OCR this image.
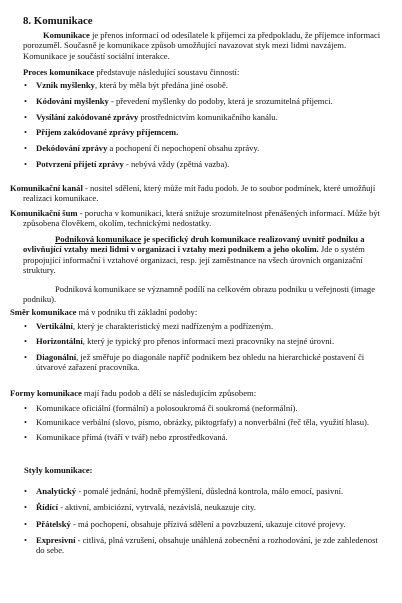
8. Komunikace

Komunikace je přenos informací od odesílatele k příjemci za předpokladu, že příjemce informaci porozuměl. Současně je komunikace způsob umožňující navazovat styk mezi lidmi navzájem. Komunikace je součástí sociální interakce.

Proces komunikace představuje následující soustavu činností:

• Vznik myšlenky, která by měla být předána jiné osobě.
• Kódování myšlenky - převedení myšlenky do podoby, která je srozumitelná příjemci.
• Vysílání zakódované zprávy prostřednictvím komunikačního kanálu.
• Příjem zakódované zprávy příjemcem.
• Dekódování zprávy a pochopení či nepochopení obsahu zprávy.
• Potvrzení přijetí zprávy - nebývá vždy (zpětná vazba).

Komunikační kanál - nositel sdělení, který může mít řadu podob. Je to soubor podmínek, které umožňují realizaci komunikace.

Komunikační šum - porucha v komunikaci, která snižuje srozumitelnost přenášených informací. Může být způsobena člověkem, okolím, technickými nedostatky.

Podniková komunikace je specifický druh komunikace realizovaný uvnitř podniku a ovlivňující vztahy mezi lidmi v organizaci i vztahy mezi podnikem a jeho okolím. Jde o systém propojující informační i vztahové organizaci, resp. její zaměstnance na všech úrovních organizační struktury.

Podniková komunikace se významně podílí na celkovém obrazu podniku u veřejnosti (image podniku).

Směr komunikace má v podniku tři základní podoby:

• Vertikální, který je charakteristický mezi nadřízeným a podřízeným.
• Horizontální, který je typický pro přenos informací mezi pracovníky na stejné úrovni.
• Diagonální, jež směřuje po diagonále napříč podnikem bez ohledu na hierarchické postavení či útvarové zařazení pracovníka.

Formy komunikace mají řadu podob a dělí se následujícím způsobem:

• Komunikace oficiální (formální) a polosoukromá či soukromá (neformální).
• Komunikace verbální (slovo, písmo, obrázky, piktogrfafy) a nonverbální (řeč těla, využití hlasu).
• Komunikace přímá (tváří v tvář) nebo zprostředkovaná.

Styly komunikace:

• Analytický - pomalé jednání, hodně přemýšlení, důsledná kontrola, málo emocí, pasivní.
• Řídící - aktivní, ambiciózní, vytrvalá, nezávislá, neukazuje city.
• Přátelský - má pochopení, obsahuje přízivá sdělení a povzbuzení, ukazuje citové projevy.
• Expresivní - citlivá, plná vzrušení, obsahuje unáhlená zobecnění a rozhodování, je zde zahledenost do sebe.
